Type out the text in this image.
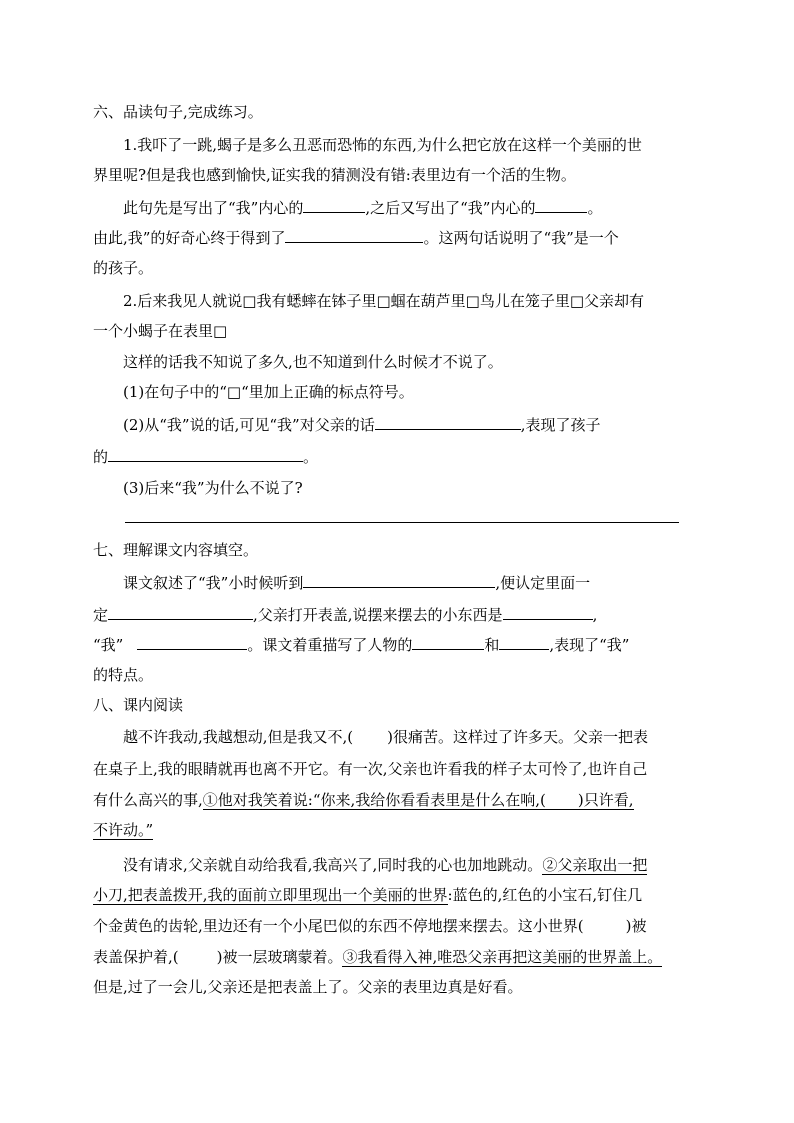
六、品读句子,完成练习。
1.我吓了一跳,蝎子是多么丑恶而恐怖的东西,为什么把它放在这样一个美丽的世
界里呢?但是我也感到愉快,证实我的猜测没有错:表里边有一个活的生物。
此句先是写出了“我”内心的	,之后又写出了“我”内心的	。
由此,我”的好奇心终于得到了	。这两句话说明了“我”是一个
的孩子。
2.后来我见人就说□我有蟋蟀在钵子里□蝈在葫芦里□鸟儿在笼子里□父亲却有
一个小蝎子在表里□
这样的话我不知说了多久,也不知道到什么时候才不说了。
(1)在句子中的“□“里加上正确的标点符号。
(2)从“我”说的话,可见“我”对父亲的话	,表现了孩子
的	。
(3)后来“我”为什么不说了?
七、理解课文内容填空。
课文叙述了“我”小时候听到	,便认定里面一
定	,父亲打开表盖,说摆来摆去的小东西是	,
“我”	。课文着重描写了人物的	和	,表现了“我”
的特点。
八、课内阅读
越不许我动,我越想动,但是我又不,( )很痛苦。这样过了许多天。父亲一把表
在桌子上,我的眼睛就再也离不开它。有一次,父亲也许看我的样子太可怜了,也许自己
有什么高兴的事,①他对我笑着说:“你来,我给你看看表里是什么在响,( )只许看,
不许动。”
没有请求,父亲就自动给我看,我高兴了,同时我的心也加地跳动。②父亲取出一把
小刀,把表盖拨开,我的面前立即里现出一个美丽的世界:蓝色的,红色的小宝石,钉住几
个金黄色的齿轮,里边还有一个小尾巴似的东西不停地摆来摆去。这小世界(	)被
表盖保护着,(	)被一层玻璃蒙着。③我看得入神,唯恐父亲再把这美丽的世界盖上。
但是,过了一会儿,父亲还是把表盖上了。父亲的表里边真是好看。
